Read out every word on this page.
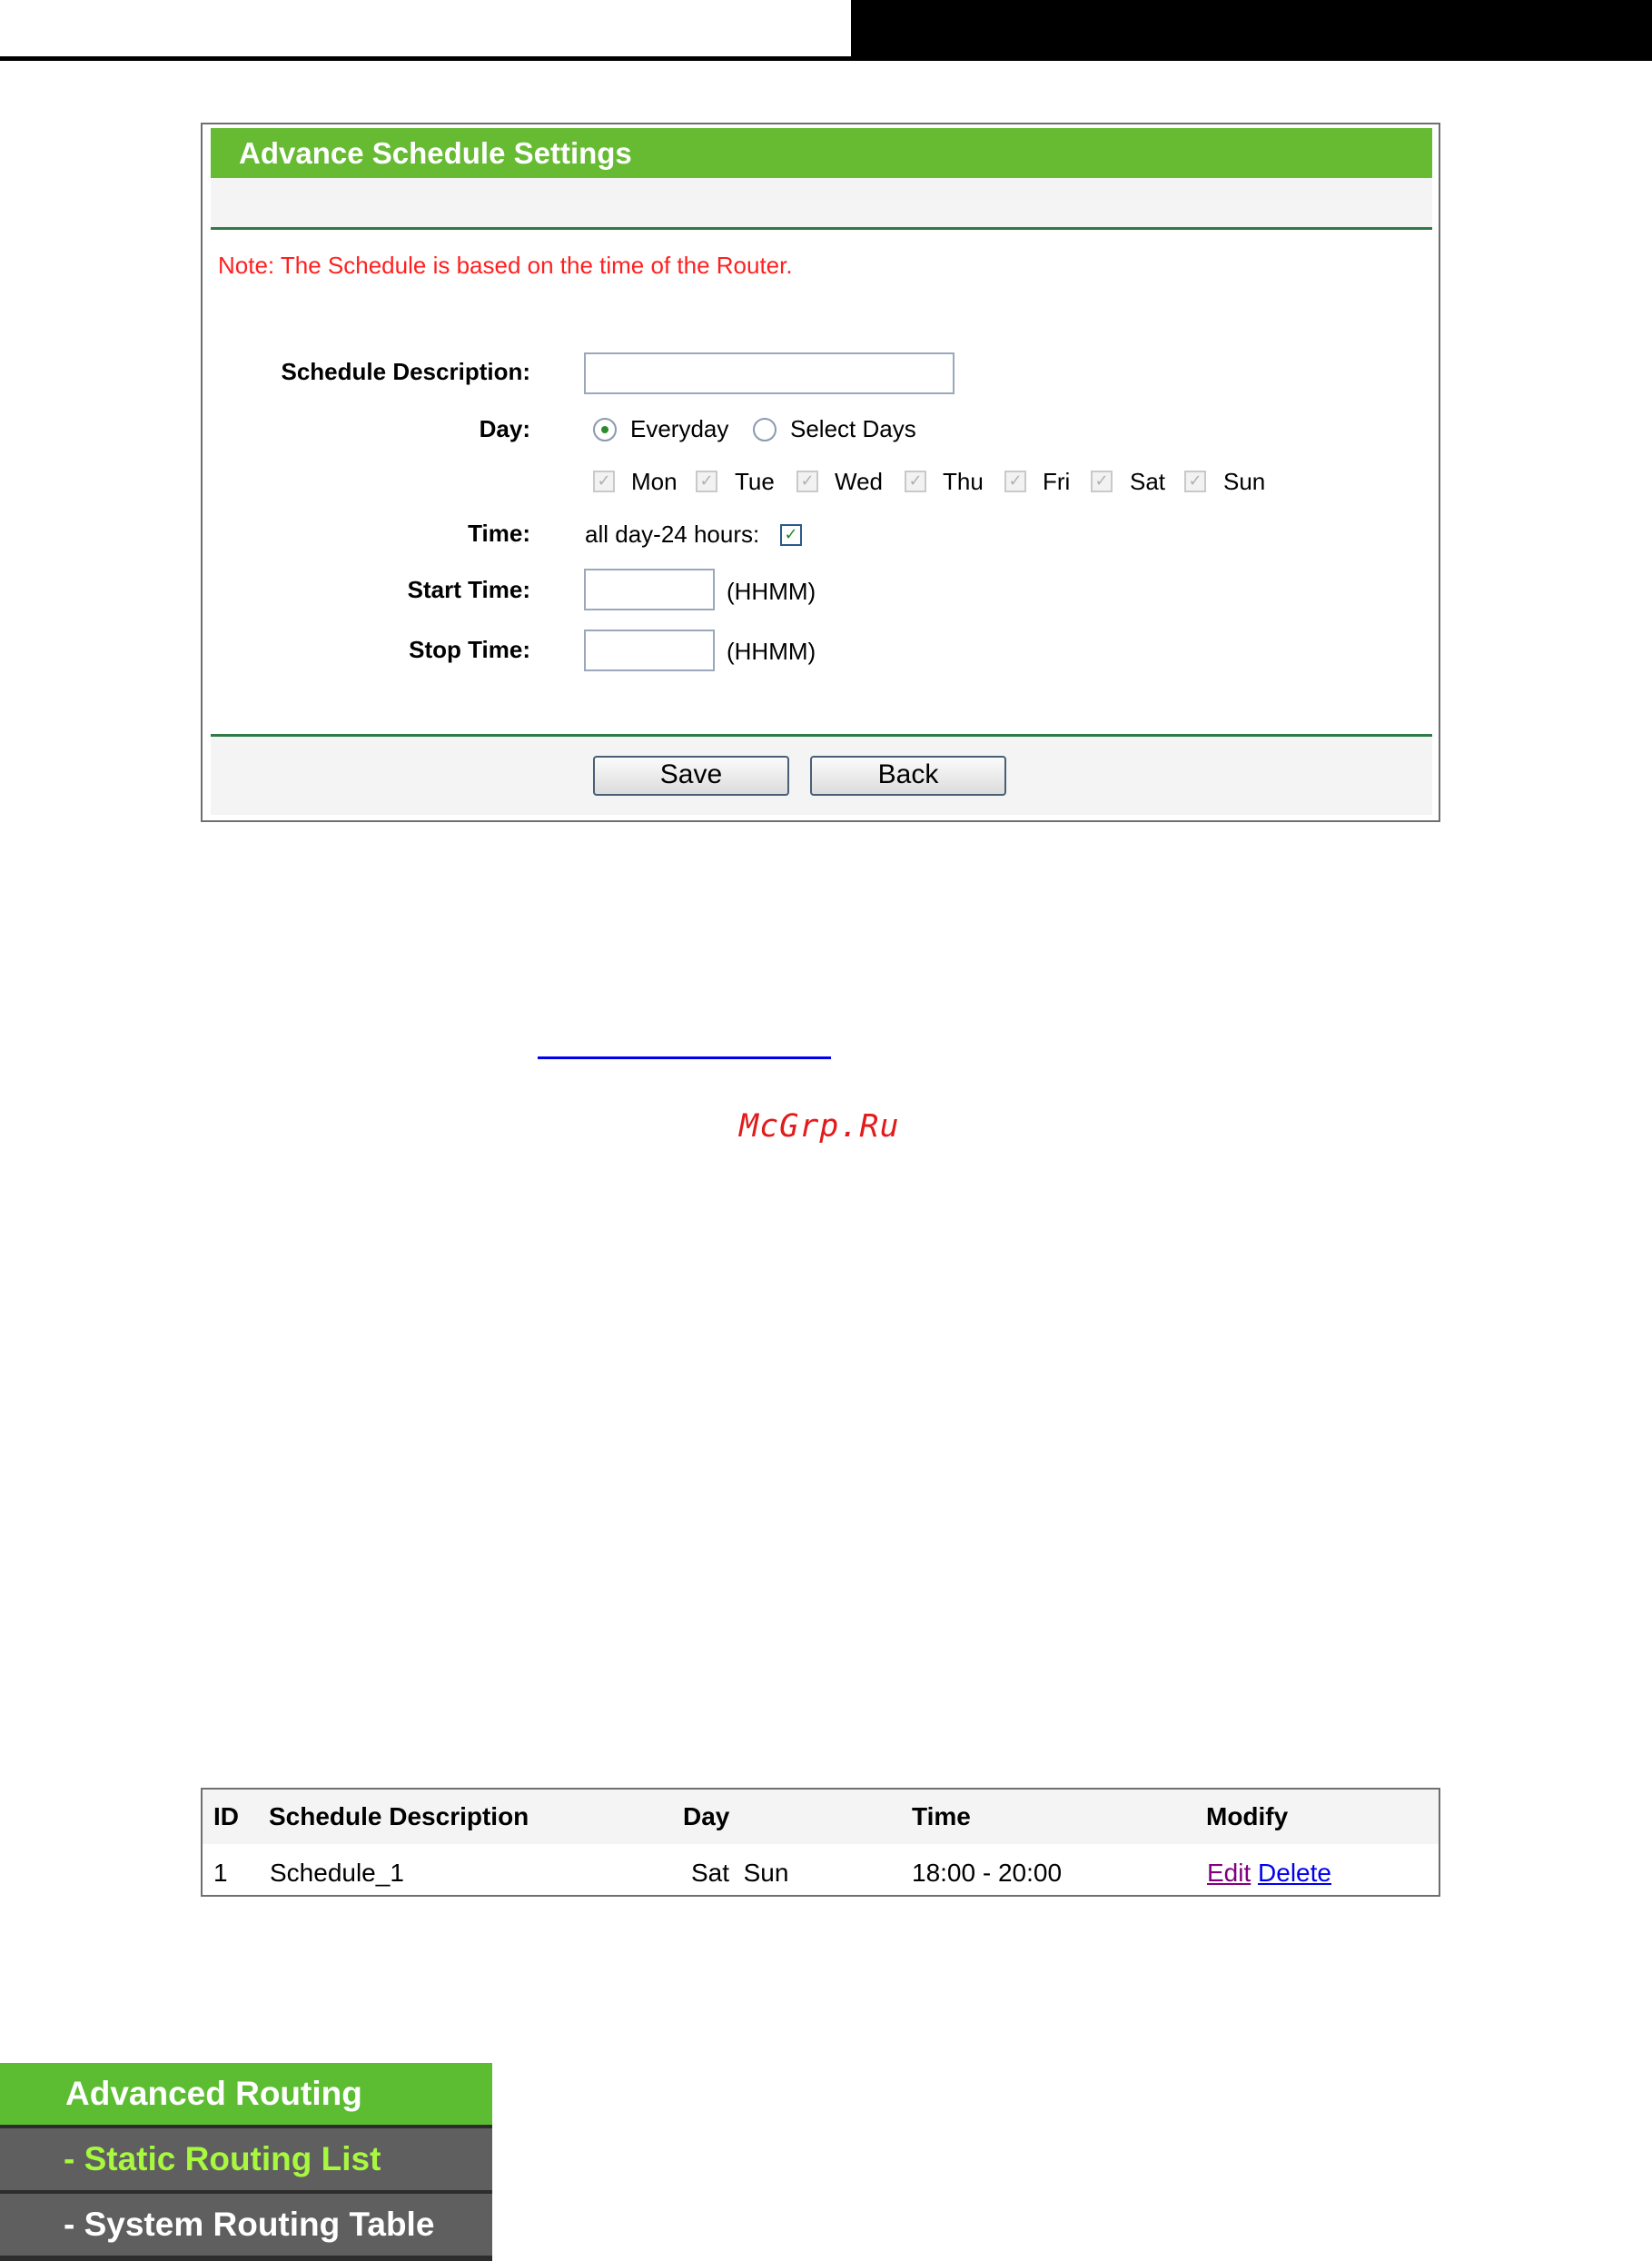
Advance Schedule Settings
Note: The Schedule is based on the time of the Router.
Schedule Description:
Day:	Everyday	Select Days
✓ Mon ✓ Tue ✓ Wed ✓ Thu ✓ Fri ✓ Sat ✓ Sun
Time: all day-24 hours: ✓
Start Time:	(HHMM)
Stop Time:	(HHMM)
Save	Back
McGrp.Ru
ID Schedule Description	Day	Time	Modify
1 Schedule_1	Sat  Sun	18:00 - 20:00	Edit Delete
Advanced Routing
- Static Routing List
- System Routing Table
